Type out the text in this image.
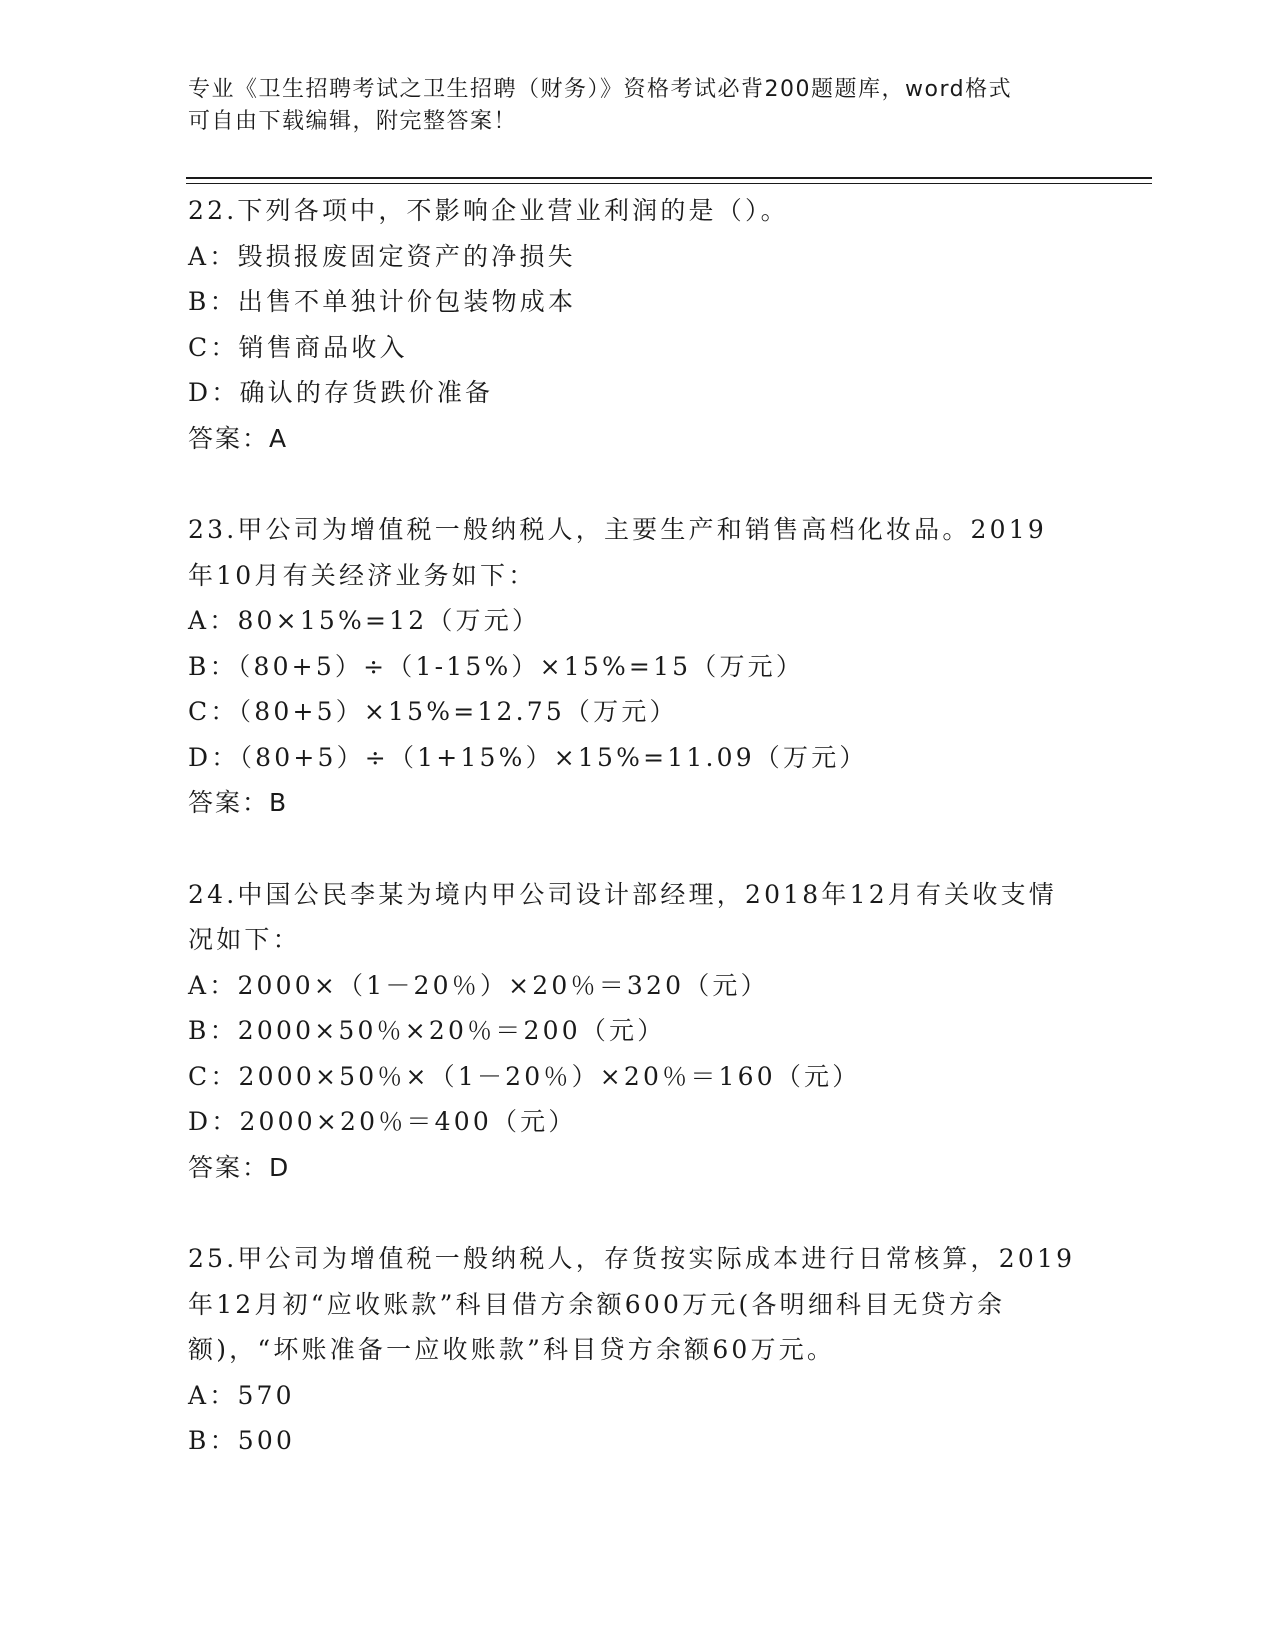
专业《卫生招聘考试之卫生招聘（财务）》资格考试必背200题题库，word格式
可自由下载编辑，附完整答案！
22.下列各项中，不影响企业营业利润的是（）。
A：毁损报废固定资产的净损失
B：出售不单独计价包装物成本
C：销售商品收入
D：确认的存货跌价准备
答案：A
23.甲公司为增值税一般纳税人，主要生产和销售高档化妆品。2019
年10月有关经济业务如下：
A：80×15%=12（万元）
B：（80+5）÷（1-15%）×15%=15（万元）
C：（80+5）×15%=12.75（万元）
D：（80+5）÷（1+15%）×15%=11.09（万元）
答案：B
24.中国公民李某为境内甲公司设计部经理，2018年12月有关收支情
况如下：
A：2000×（1－20％）×20％＝320（元）
B：2000×50％×20％＝200（元）
C：2000×50％×（1－20％）×20％＝160（元）
D：2000×20％＝400（元）
答案：D
25.甲公司为增值税一般纳税人，存货按实际成本进行日常核算，2019
年12月初“应收账款”科目借方余额600万元(各明细科目无贷方余
额)，“坏账准备一应收账款”科目贷方余额60万元。
A：570
B：500
